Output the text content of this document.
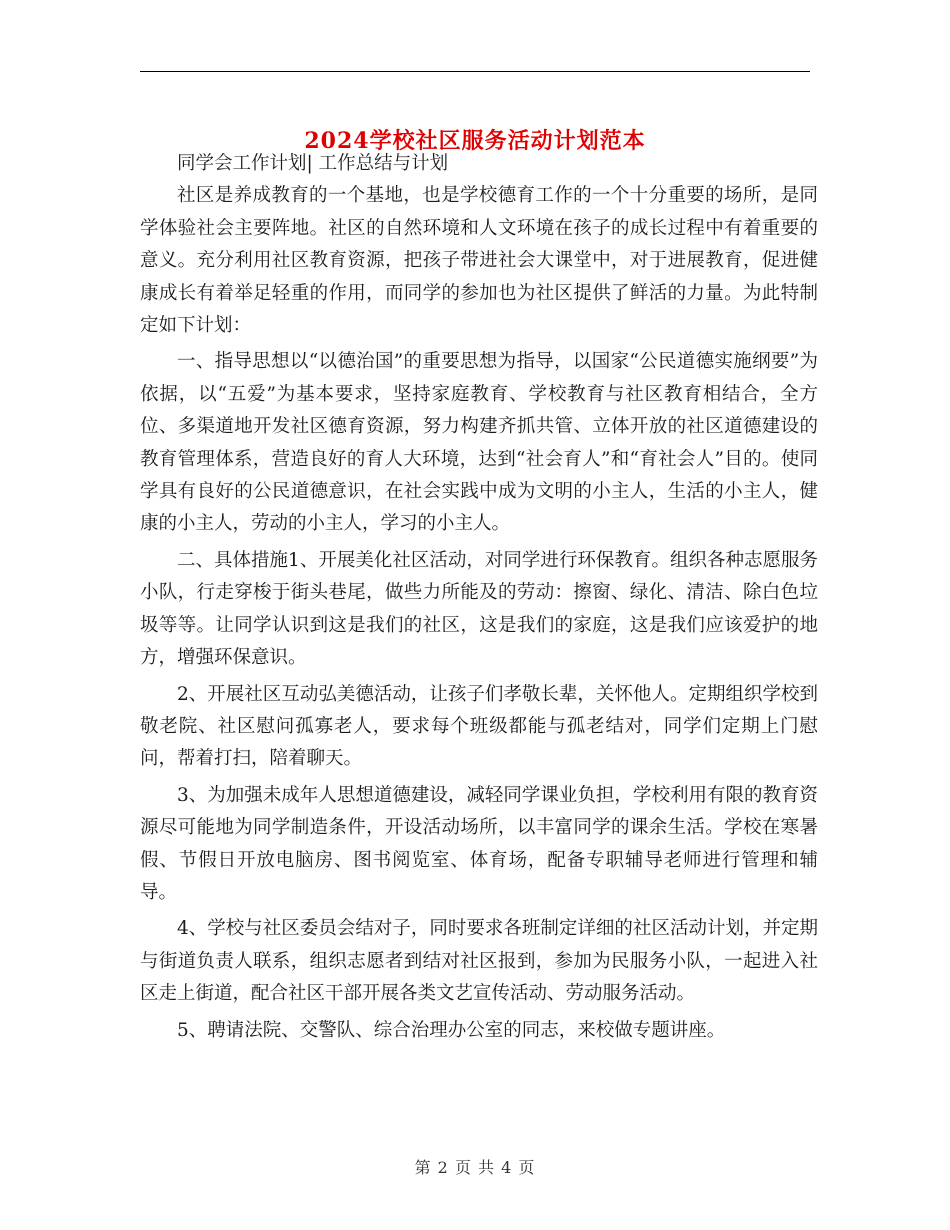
2024学校社区服务活动计划范本

同学会工作计划| 工作总结与计划

社区是养成教育的一个基地，也是学校德育工作的一个十分重要的场所，是同学体验社会主要阵地。社区的自然环境和人文环境在孩子的成长过程中有着重要的意义。充分利用社区教育资源，把孩子带进社会大课堂中，对于进展教育，促进健康成长有着举足轻重的作用，而同学的参加也为社区提供了鲜活的力量。为此特制定如下计划：

一、指导思想以“以德治国”的重要思想为指导，以国家“公民道德实施纲要”为依据，以“五爱”为基本要求，坚持家庭教育、学校教育与社区教育相结合，全方位、多渠道地开发社区德育资源，努力构建齐抓共管、立体开放的社区道德建设的教育管理体系，营造良好的育人大环境，达到“社会育人”和“育社会人”目的。使同学具有良好的公民道德意识，在社会实践中成为文明的小主人，生活的小主人，健康的小主人，劳动的小主人，学习的小主人。

二、具体措施1、开展美化社区活动，对同学进行环保教育。组织各种志愿服务小队，行走穿梭于街头巷尾，做些力所能及的劳动：擦窗、绿化、清洁、除白色垃圾等等。让同学认识到这是我们的社区，这是我们的家庭，这是我们应该爱护的地方，增强环保意识。

2、开展社区互动弘美德活动，让孩子们孝敬长辈，关怀他人。定期组织学校到敬老院、社区慰问孤寡老人，要求每个班级都能与孤老结对，同学们定期上门慰问，帮着打扫，陪着聊天。

3、为加强未成年人思想道德建设，减轻同学课业负担，学校利用有限的教育资源尽可能地为同学制造条件，开设活动场所，以丰富同学的课余生活。学校在寒暑假、节假日开放电脑房、图书阅览室、体育场，配备专职辅导老师进行管理和辅导。

4、学校与社区委员会结对子，同时要求各班制定详细的社区活动计划，并定期与街道负责人联系，组织志愿者到结对社区报到，参加为民服务小队，一起进入社区走上街道，配合社区干部开展各类文艺宣传活动、劳动服务活动。

5、聘请法院、交警队、综合治理办公室的同志，来校做专题讲座。

第 2 页 共 4 页
